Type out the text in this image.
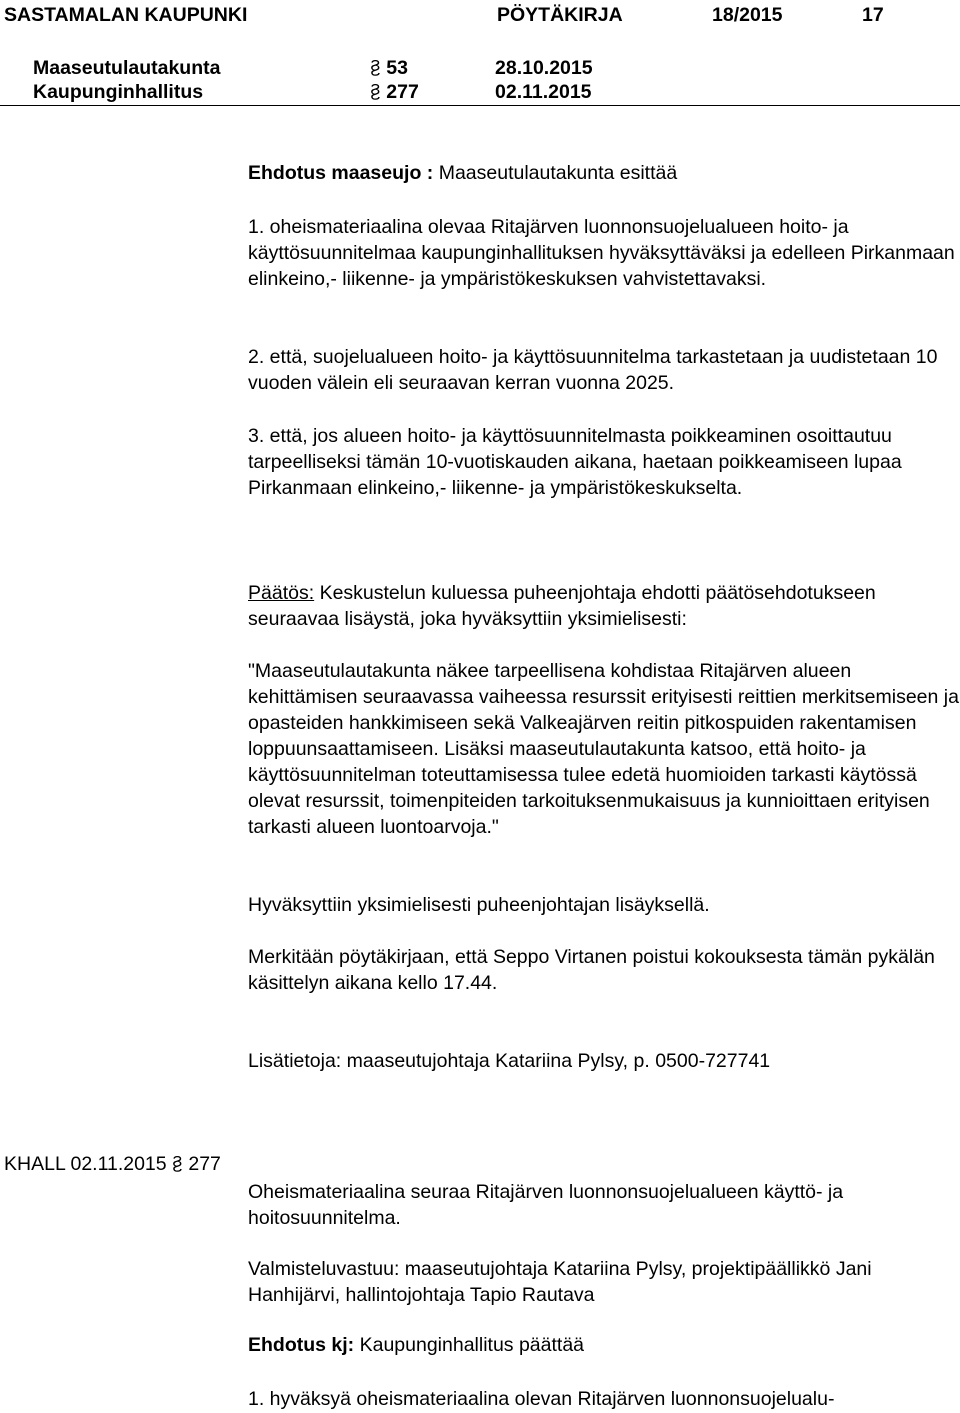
SASTAMALAN KAUPUNKI	PÖYTÄKIRJA	18/2015	17
Maaseutulautakunta	§ 53	28.10.2015
Kaupunginhallitus	§ 277	02.11.2015
Ehdotus maaseujo : Maaseutulautakunta esittää

1. oheismateriaalina olevaa Ritajärven luonnonsuojelualueen hoito- ja käyttösuunnitelmaa kaupunginhallituksen hyväksyttäväksi ja edelleen Pirkanmaan elinkeino,- liikenne- ja ympäristökeskuksen vahvistettavaksi.

2. että, suojelualueen hoito- ja käyttösuunnitelma tarkastetaan ja uudistetaan 10 vuoden välein eli seuraavan kerran vuonna 2025.

3. että, jos alueen hoito- ja käyttösuunnitelmasta poikkeaminen osoittautuu tarpeelliseksi tämän 10-vuotiskauden aikana, haetaan poikkeamiseen lupaa Pirkanmaan elinkeino,- liikenne- ja ympäristökeskukselta.

Päätös: Keskustelun kuluessa puheenjohtaja ehdotti päätösehdotukseen seuraavaa lisäystä, joka hyväksyttiin yksimielisesti:

"Maaseutulautakunta näkee tarpeellisena kohdistaa Ritajärven alueen kehittämisen seuraavassa vaiheessa resurssit erityisesti reittien merkitsemiseen ja opasteiden hankkimiseen sekä Valkeajärven reitin pitkospuiden rakentamisen loppuunsaattamiseen. Lisäksi maaseutulautakunta katsoo, että hoito- ja käyttösuunnitelman toteuttamisessa tulee edetä huomioiden tarkasti käytössä olevat resurssit, toimenpiteiden tarkoituksenmukaisuus ja kunnioittaen erityisen tarkasti alueen luontoarvoja."

Hyväksyttiin yksimielisesti puheenjohtajan lisäyksellä.

Merkitään pöytäkirjaan, että Seppo Virtanen poistui kokouksesta tämän pykälän käsittelyn aikana kello 17.44.

Lisätietoja: maaseutujohtaja Katariina Pylsy, p. 0500-727741

KHALL 02.11.2015 § 277

Oheismateriaalina seuraa Ritajärven luonnonsuojelualueen käyttö- ja hoitosuunnitelma.

Valmisteluvastuu: maaseutujohtaja Katariina Pylsy, projektipäällikkö Jani Hanhijärvi, hallintojohtaja Tapio Rautava

Ehdotus kj: Kaupunginhallitus päättää

1. hyväksyä oheismateriaalina olevan Ritajärven luonnonsuojelualu-
